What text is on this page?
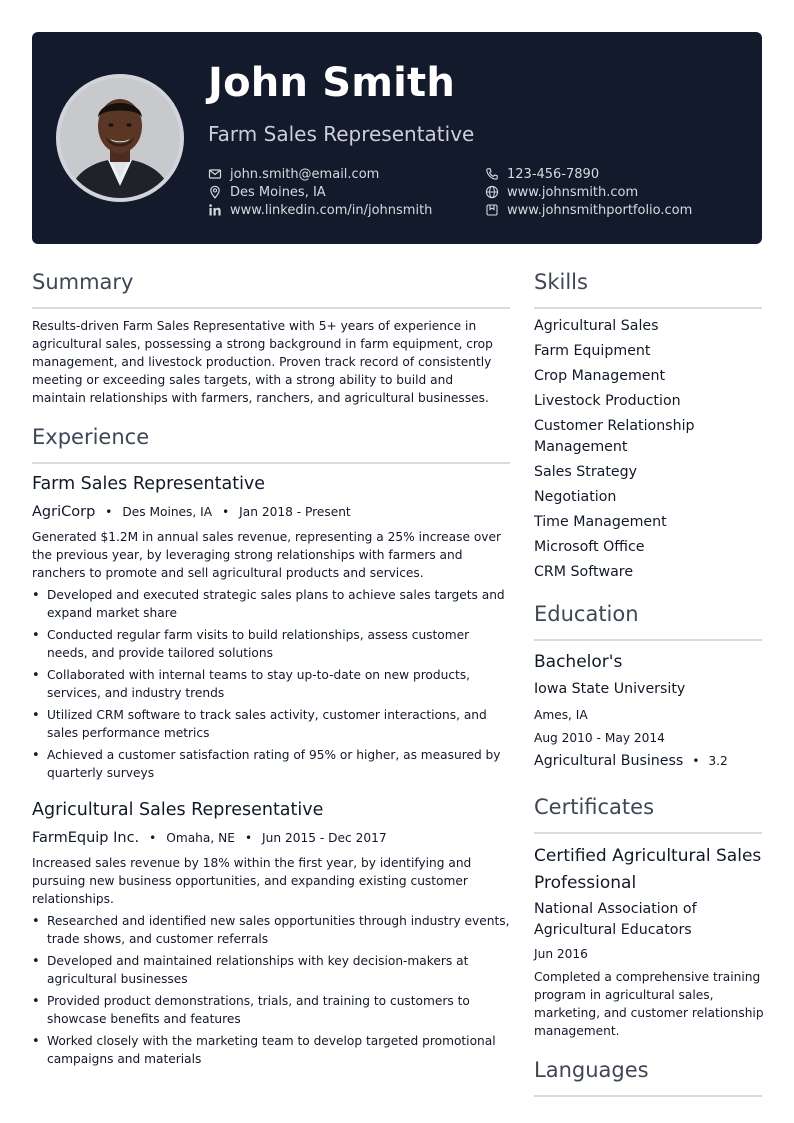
John Smith
Farm Sales Representative
john.smith@email.com	123-456-7890
Des Moines, IA	www.johnsmith.com
www.linkedin.com/in/johnsmith	www.johnsmithportfolio.com
Summary

Results-driven Farm Sales Representative with 5+ years of experience in agricultural sales, possessing a strong background in farm equipment, crop management, and livestock production. Proven track record of consistently meeting or exceeding sales targets, with a strong ability to build and maintain relationships with farmers, ranchers, and agricultural businesses.

Experience
Farm Sales Representative
AgriCorp • Des Moines, IA • Jan 2018 - Present

Generated $1.2M in annual sales revenue, representing a 25% increase over the previous year, by leveraging strong relationships with farmers and ranchers to promote and sell agricultural products and services.

• Developed and executed strategic sales plans to achieve sales targets and expand market share
• Conducted regular farm visits to build relationships, assess customer needs, and provide tailored solutions
• Collaborated with internal teams to stay up-to-date on new products, services, and industry trends
• Utilized CRM software to track sales activity, customer interactions, and sales performance metrics
• Achieved a customer satisfaction rating of 95% or higher, as measured by quarterly surveys
Agricultural Sales Representative
FarmEquip Inc. • Omaha, NE • Jun 2015 - Dec 2017

Increased sales revenue by 18% within the first year, by identifying and pursuing new business opportunities, and expanding existing customer relationships.

• Researched and identified new sales opportunities through industry events, trade shows, and customer referrals
• Developed and maintained relationships with key decision-makers at agricultural businesses
• Provided product demonstrations, trials, and training to customers to showcase benefits and features
• Worked closely with the marketing team to develop targeted promotional campaigns and materials
Skills
Agricultural Sales
Farm Equipment
Crop Management
Livestock Production
Customer Relationship Management
Sales Strategy
Negotiation
Time Management
Microsoft Office
CRM Software
Education
Bachelor's
Iowa State University
Ames, IA
Aug 2010 - May 2014
Agricultural Business • 3.2
Certificates
Certified Agricultural Sales Professional
National Association of Agricultural Educators
Jun 2016

Completed a comprehensive training program in agricultural sales, marketing, and customer relationship management.

Languages
